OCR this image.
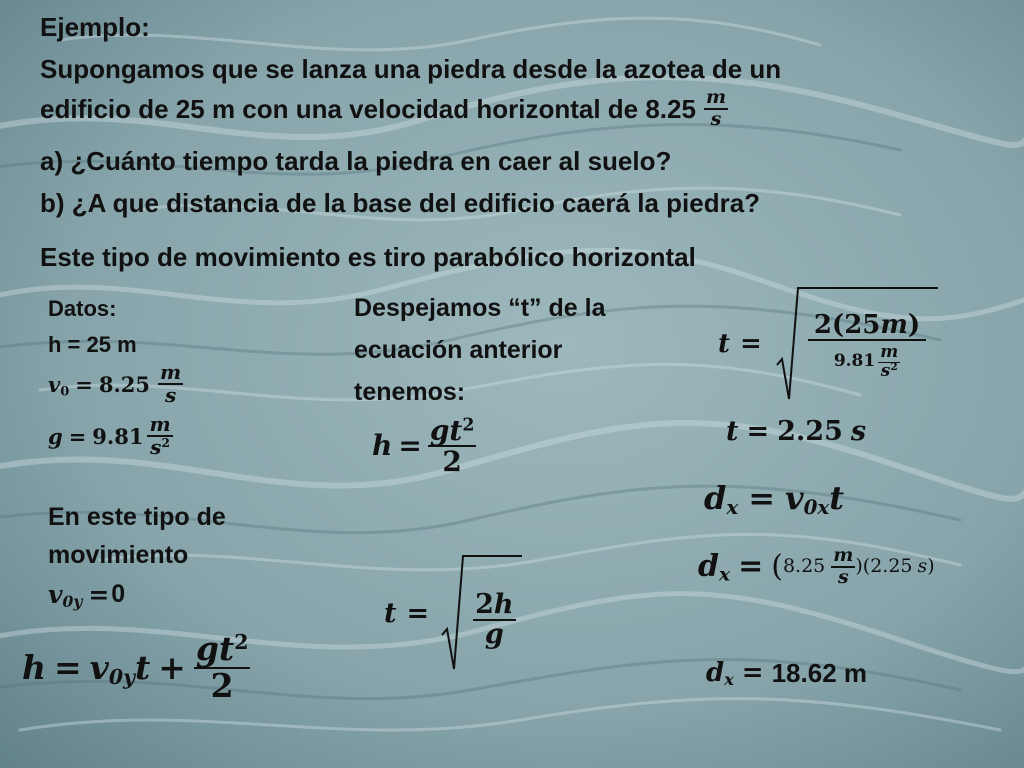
Ejemplo:
Supongamos que se lanza una piedra desde la azotea de un
edificio de 25 m con una velocidad horizontal de $8.25 \frac{m}{s}$
a) ¿Cuánto tiempo tarda la piedra en caer al suelo?
b) ¿A que distancia de la base del edificio caerá la piedra?
Este tipo de movimiento es tiro parabólico horizontal
Datos:
h = 25 m
$v_0 = 8.25 \frac{m}{s}$
$g = 9.81 \frac{m}{s^2}$
En este tipo de
movimiento
$v_{0y} = 0$
$h = v_{0y}t + \frac{gt^2}{2}$
Despejamos “t” de la
ecuación anterior
tenemos:
$h = \frac{gt^2}{2}$
$t = \frac{2h}{g}$
$t = \frac{2(25m)}{9.81 \frac{m}{s^2}}$
t = 2.25 s
$d_x = v_{0x}t$
$d_x$ = ( $8.25 \frac{m}{s}$ )( 2.25 s )
$d_x = 18.62$ m
